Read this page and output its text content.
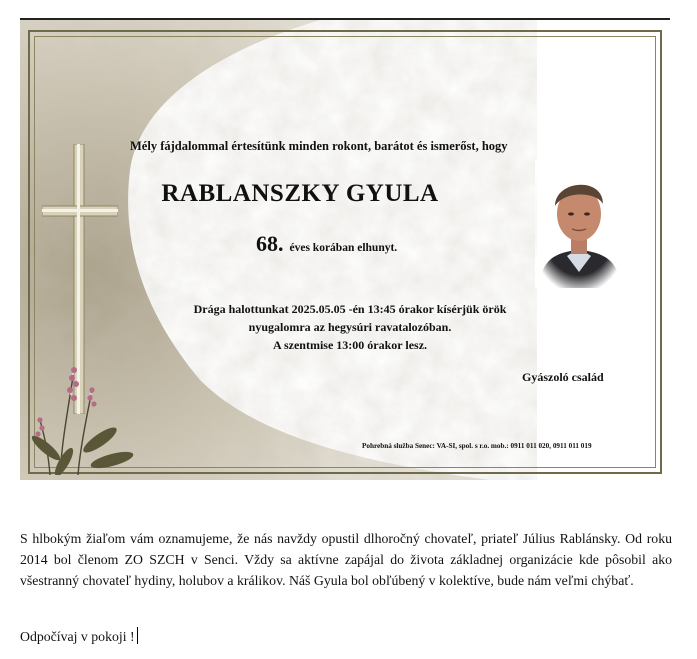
Mély fájdalommal értesítünk minden rokont, barátot és ismerőst, hogy
RABLANSZKY GYULA
68. éves korában elhunyt.
Drága halottunkat 2025.05.05 -én 13:45 órakor kísérjük örök
nyugalomra az hegysúri ravatalozóban.
A szentmise 13:00 órakor lesz.
Gyászoló család
Pohrebná služba Senec: VA-SI, spol. s r.o. mob.: 0911 011 020, 0911 011 019

S hlbokým žiaľom vám oznamujeme, že nás navždy opustil dlhoročný chovateľ, priateľ Július Rablánsky. Od roku 2014 bol členom ZO SZCH v Senci. Vždy sa aktívne zapájal do života základnej organizácie kde pôsobil ako všestranný chovateľ hydiny, holubov a králikov. Náš Gyula bol obľúbený v kolektíve, bude nám veľmi chýbať.

Odpočívaj v pokoji !
